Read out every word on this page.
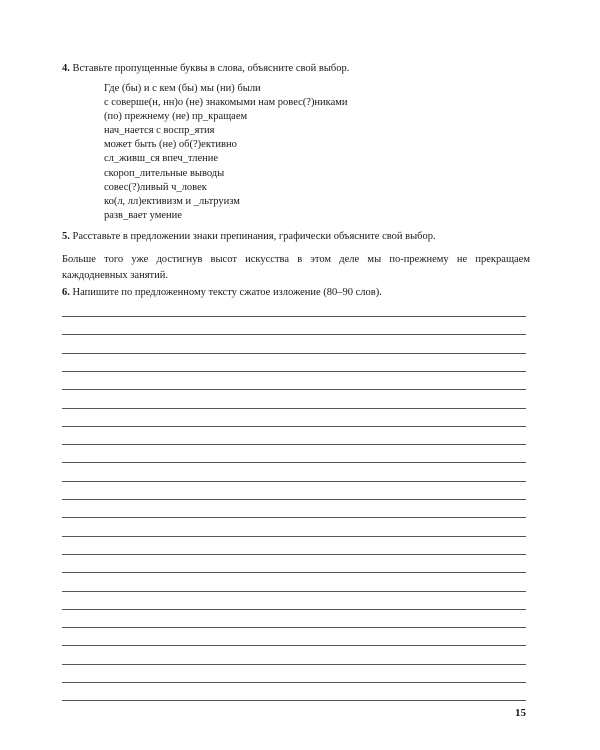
4. Вставьте пропущенные буквы в слова, объясните свой выбор.
Где (бы) и с кем (бы) мы (ни) были
с соверше(н, нн)о (не) знакомыми нам ровес(?)никами
(по) прежнему (не) пр_кращаем
нач_нается с воспр_ятия
может быть (не) об(?)ективно
сл_живш_ся впеч_тление
скороп_лительные выводы
совес(?)ливый ч_ловек
ко(л, лл)ективизм и _льтруизм
разв_вает умение
5. Расставьте в предложении знаки препинания, графически объясните свой выбор.
Больше того уже достигнув высот искусства в этом деле мы по-прежнему не прекращаем каждодневных занятий.
6. Напишите по предложенному тексту сжатое изложение (80–90 слов).
15
